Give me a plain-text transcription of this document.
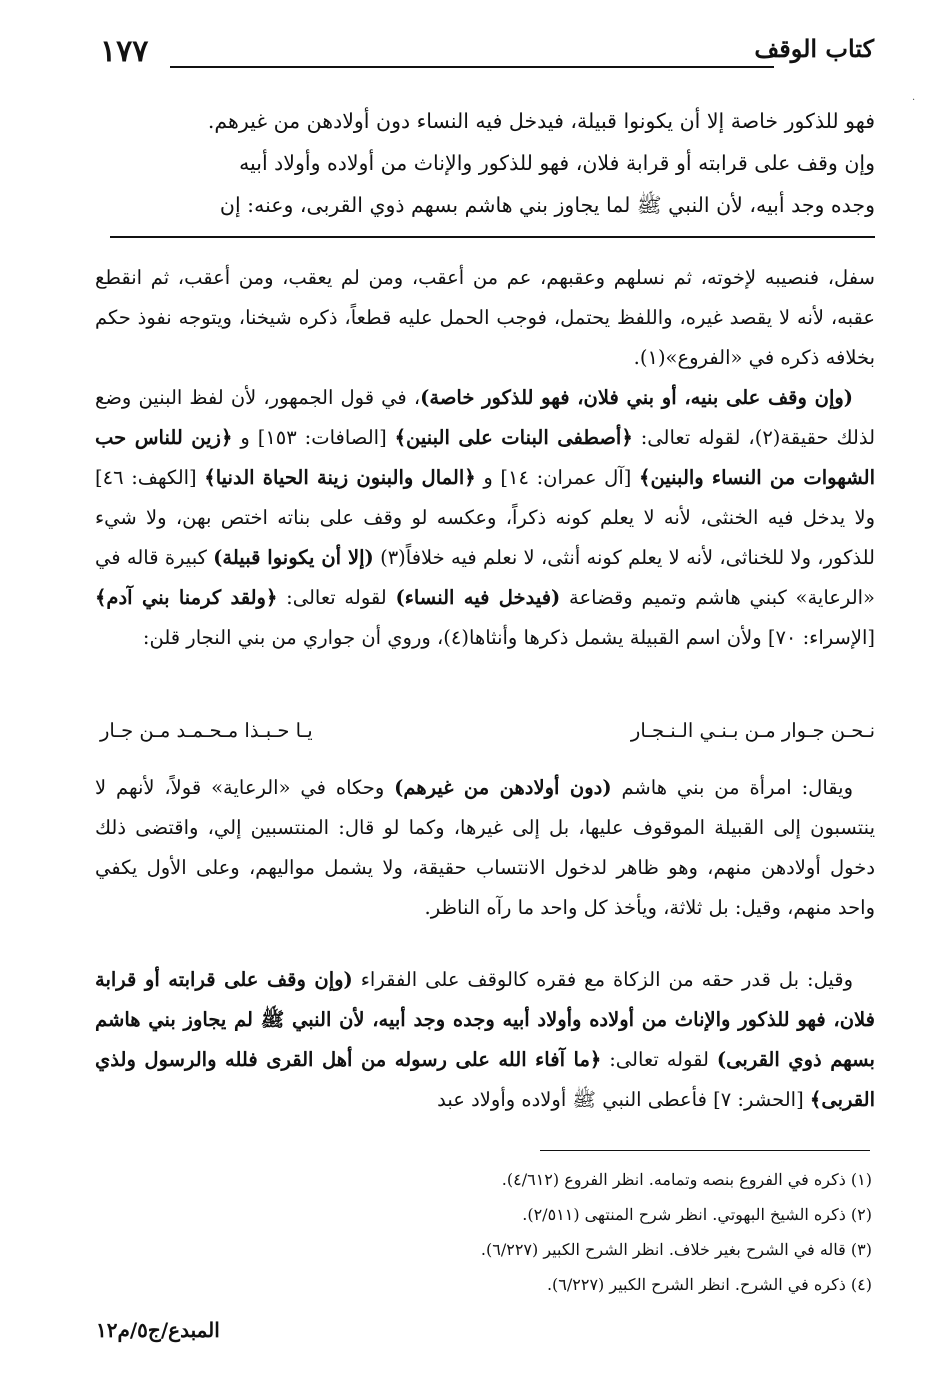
١٧٧	كتاب الوقف
·
فهو للذكور خاصة إلا أن يكونوا قبيلة، فيدخل فيه النساء دون أولادهن من غيرهم.
وإن وقف على قرابته أو قرابة فلان، فهو للذكور والإناث من أولاده وأولاد أبيه
وجده وجد أبيه، لأن النبي ﷺ لما يجاوز بني هاشم بسهم ذوي القربى، وعنه: إن

سفل، فنصيبه لإخوته، ثم نسلهم وعقبهم، عم من أعقب، ومن لم يعقب، ومن أعقب، ثم انقطع عقبه، لأنه لا يقصد غيره، واللفظ يحتمل، فوجب الحمل عليه قطعاً، ذكره شيخنا، ويتوجه نفوذ حكم بخلافه ذكره في «الفروع»(١).

(وإن وقف على بنيه، أو بني فلان، فهو للذكور خاصة)، في قول الجمهور، لأن لفظ البنين وضع لذلك حقيقة(٢)، لقوله تعالى: ﴿أصطفى البنات على البنين﴾ [الصافات: ١٥٣] و ﴿زين للناس حب الشهوات من النساء والبنين﴾ [آل عمران: ١٤] و ﴿المال والبنون زينة الحياة الدنيا﴾ [الكهف: ٤٦] ولا يدخل فيه الخنثى، لأنه لا يعلم كونه ذكراً، وعكسه لو وقف على بناته اختص بهن، ولا شيء للذكور، ولا للخناثى، لأنه لا يعلم كونه أنثى، لا نعلم فيه خلافاً(٣) (إلا أن يكونوا قبيلة) كبيرة قاله في «الرعاية» كبني هاشم وتميم وقضاعة (فيدخل فيه النساء) لقوله تعالى: ﴿ولقد كرمنا بني آدم﴾ [الإسراء: ٧٠] ولأن اسم القبيلة يشمل ذكرها وأنثاها(٤)، وروي أن جواري من بني النجار قلن:

نـحـن جـوار مـن بـنـي الـنـجـار
يـا حـبـذا مـحـمـد مـن جـار

ويقال: امرأة من بني هاشم (دون أولادهن من غيرهم) وحكاه في «الرعاية» قولاً، لأنهم لا ينتسبون إلى القبيلة الموقوف عليها، بل إلى غيرها، وكما لو قال: المنتسبين إلي، واقتضى ذلك دخول أولادهن منهم، وهو ظاهر لدخول الانتساب حقيقة، ولا يشمل مواليهم، وعلى الأول يكفي واحد منهم، وقيل: بل ثلاثة، ويأخذ كل واحد ما رآه الناظر.

وقيل: بل قدر حقه من الزكاة مع فقره كالوقف على الفقراء (وإن وقف على قرابته أو قرابة فلان، فهو للذكور والإناث من أولاده وأولاد أبيه وجده وجد أبيه، لأن النبي ﷺ لم يجاوز بني هاشم بسهم ذوي القربى) لقوله تعالى: ﴿ما آفاء الله على رسوله من أهل القرى فلله والرسول ولذي القربى﴾ [الحشر: ٧] فأعطى النبي ﷺ أولاده وأولاد عبد

(١) ذكره في الفروع بنصه وتمامه. انظر الفروع (٤/٦١٢).
(٢) ذكره الشيخ البهوتي. انظر شرح المنتهى (٢/٥١١).
(٣) قاله في الشرح بغير خلاف. انظر الشرح الكبير (٦/٢٢٧).
(٤) ذكره في الشرح. انظر الشرح الكبير (٦/٢٢٧).
المبدع/ج٥/م١٢
